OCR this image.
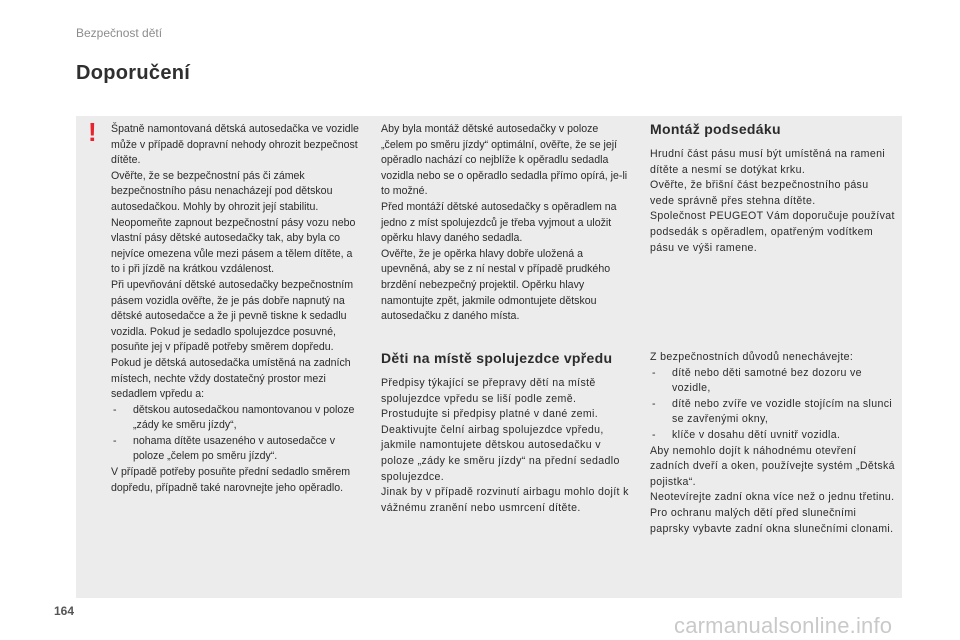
Bezpečnost dětí
Doporučení
! Špatně namontovaná dětská autosedačka ve vozidle může v případě dopravní nehody ohrozit bezpečnost dítěte.

Ověřte, že se bezpečnostní pás či zámek bezpečnostního pásu nenacházejí pod dětskou autosedačkou. Mohly by ohrozit její stabilitu.

Neopomeňte zapnout bezpečnostní pásy vozu nebo vlastní pásy dětské autosedačky tak, aby byla co nejvíce omezena vůle mezi pásem a tělem dítěte, a to i při jízdě na krátkou vzdálenost.

Při upevňování dětské autosedačky bezpečnostním pásem vozidla ověřte, že je pás dobře napnutý na dětské autosedačce a že ji pevně tiskne k sedadlu vozidla. Pokud je sedadlo spolujezdce posuvné, posuňte jej v případě potřeby směrem dopředu.

Pokud je dětská autosedačka umístěná na zadních místech, nechte vždy dostatečný prostor mezi sedadlem vpředu a:

- dětskou autosedačkou namontovanou v poloze „zády ke směru jízdy“,

- nohama dítěte usazeného v autosedačce v poloze „čelem po směru jízdy“.

V případě potřeby posuňte přední sedadlo směrem dopředu, případně také narovnejte jeho opěradlo.

Aby byla montáž dětské autosedačky v poloze „čelem po směru jízdy“ optimální, ověřte, že se její opěradlo nachází co nejblíže k opěradlu sedadla vozidla nebo se o opěradlo sedadla přímo opírá, je-li to možné.

Před montáží dětské autosedačky s opěradlem na jedno z míst spolujezdců je třeba vyjmout a uložit opěrku hlavy daného sedadla.

Ověřte, že je opěrka hlavy dobře uložená a upevněná, aby se z ní nestal v případě prudkého brzdění nebezpečný projektil. Opěrku hlavy namontujte zpět, jakmile odmontujete dětskou autosedačku z daného místa.

Děti na místě spolujezdce vpředu

Předpisy týkající se přepravy dětí na místě spolujezdce vpředu se liší podle země. Prostudujte si předpisy platné v dané zemi.

Deaktivujte čelní airbag spolujezdce vpředu, jakmile namontujete dětskou autosedačku v poloze „zády ke směru jízdy“ na přední sedadlo spolujezdce.

Jinak by v případě rozvinutí airbagu mohlo dojít k vážnému zranění nebo usmrcení dítěte.

Montáž podsedáku

Hrudní část pásu musí být umístěná na rameni dítěte a nesmí se dotýkat krku.

Ověřte, že břišní část bezpečnostního pásu vede správně přes stehna dítěte.

Společnost PEUGEOT Vám doporučuje používat podsedák s opěradlem, opatřeným vodítkem pásu ve výši ramene.

Z bezpečnostních důvodů nenechávejte:

- dítě nebo děti samotné bez dozoru ve vozidle,

- dítě nebo zvíře ve vozidle stojícím na slunci se zavřenými okny,

- klíče v dosahu dětí uvnitř vozidla.

Aby nemohlo dojít k náhodnému otevření zadních dveří a oken, používejte systém „Dětská pojistka“.

Neotevírejte zadní okna více než o jednu třetinu.

Pro ochranu malých dětí před slunečními paprsky vybavte zadní okna slunečními clonami.

164
carmanualsonline.info
